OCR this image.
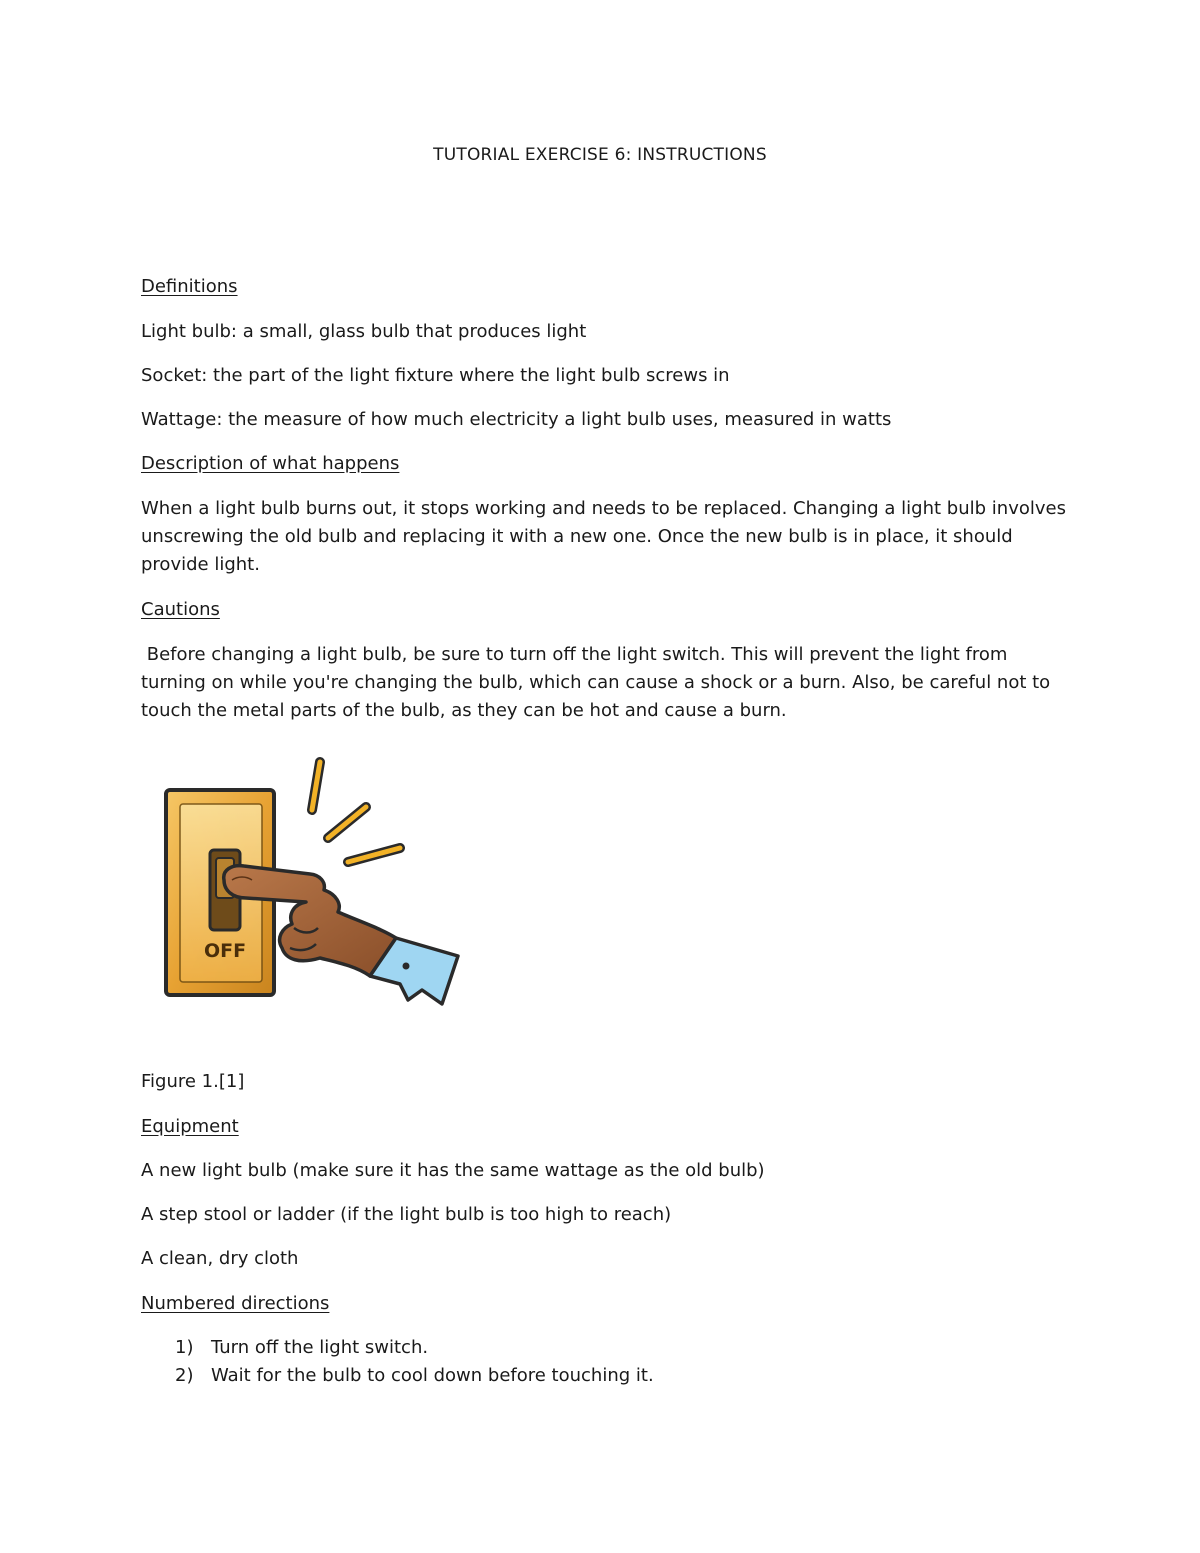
TUTORIAL EXERCISE 6: INSTRUCTIONS
Definitions
Light bulb: a small, glass bulb that produces light
Socket: the part of the light fixture where the light bulb screws in
Wattage: the measure of how much electricity a light bulb uses, measured in watts
Description of what happens

When a light bulb burns out, it stops working and needs to be replaced. Changing a light bulb involves unscrewing the old bulb and replacing it with a new one. Once the new bulb is in place, it should provide light.

Cautions

Before changing a light bulb, be sure to turn off the light switch. This will prevent the light from turning on while you're changing the bulb, which can cause a shock or a burn. Also, be careful not to touch the metal parts of the bulb, as they can be hot and cause a burn.

OFF
Figure 1.[1]
Equipment
A new light bulb (make sure it has the same wattage as the old bulb)
A step stool or ladder (if the light bulb is too high to reach)
A clean, dry cloth
Numbered directions
1) Turn off the light switch.
2) Wait for the bulb to cool down before touching it.
